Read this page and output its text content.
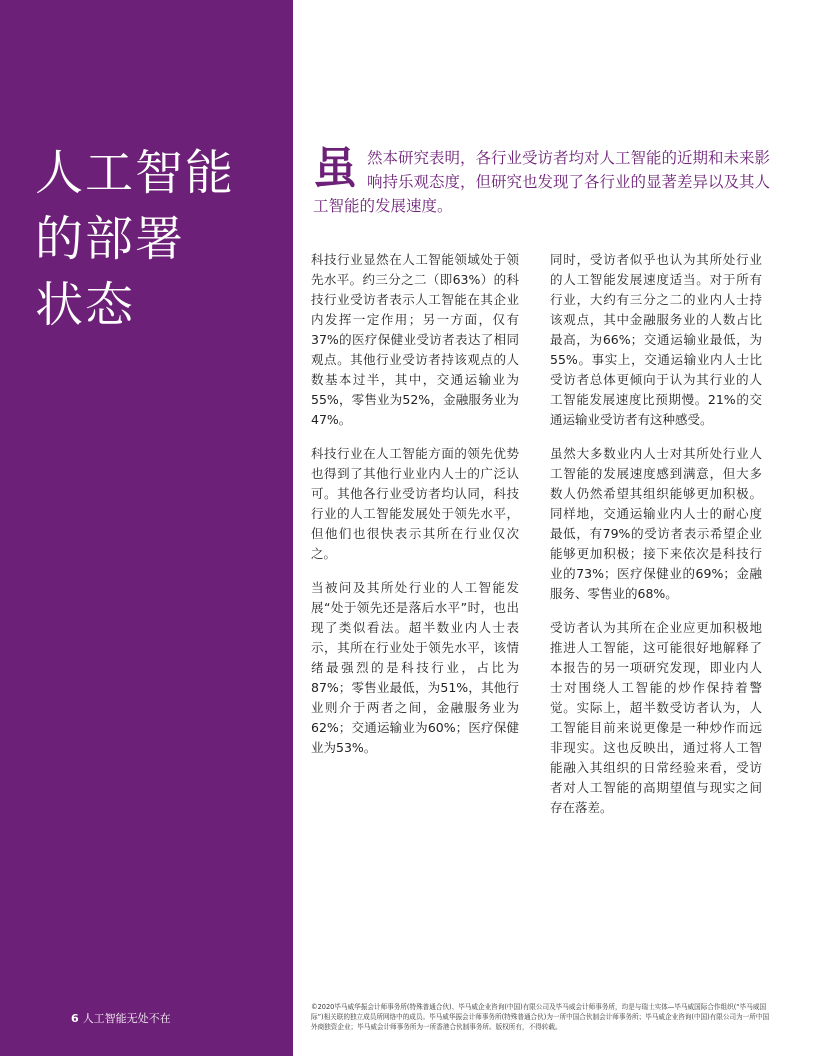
人工智能
的部署
状态
6 人工智能无处不在

虽然本研究表明，各行业受访者均对人工智能的近期和未来影响持乐观态度，但研究也发现了各行业的显著差异以及其人工智能的发展速度。

科技行业显然在人工智能领域处于领先水平。约三分之二（即63%）的科技行业受访者表示人工智能在其企业内发挥一定作用；另一方面，仅有37%的医疗保健业受访者表达了相同观点。其他行业受访者持该观点的人数基本过半，其中，交通运输业为55%，零售业为52%，金融服务业为47%。

科技行业在人工智能方面的领先优势也得到了其他行业业内人士的广泛认可。其他各行业受访者均认同，科技行业的人工智能发展处于领先水平，但他们也很快表示其所在行业仅次之。

当被问及其所处行业的人工智能发展“处于领先还是落后水平”时，也出现了类似看法。超半数业内人士表示，其所在行业处于领先水平，该情绪最强烈的是科技行业，占比为87%；零售业最低，为51%，其他行业则介于两者之间，金融服务业为62%；交通运输业为60%；医疗保健业为53%。

同时，受访者似乎也认为其所处行业的人工智能发展速度适当。对于所有行业，大约有三分之二的业内人士持该观点，其中金融服务业的人数占比最高，为66%；交通运输业最低，为55%。事实上，交通运输业内人士比受访者总体更倾向于认为其行业的人工智能发展速度比预期慢。21%的交通运输业受访者有这种感受。

虽然大多数业内人士对其所处行业人工智能的发展速度感到满意，但大多数人仍然希望其组织能够更加积极。同样地，交通运输业内人士的耐心度最低，有79%的受访者表示希望企业能够更加积极；接下来依次是科技行业的73%；医疗保健业的69%；金融服务、零售业的68%。

受访者认为其所在企业应更加积极地推进人工智能，这可能很好地解释了本报告的另一项研究发现，即业内人士对围绕人工智能的炒作保持着警觉。实际上，超半数受访者认为，人工智能目前来说更像是一种炒作而远非现实。这也反映出，通过将人工智能融入其组织的日常经验来看，受访者对人工智能的高期望值与现实之间存在落差。

©2020毕马威华振会计师事务所(特殊普通合伙)、毕马威企业咨询(中国)有限公司及毕马威会计师事务所，均是与瑞士实体—毕马威国际合作组织(“毕马威国际”)相关联的独立成员所网络中的成员。毕马威华振会计师事务所(特殊普通合伙)为一所中国合伙制会计师事务所；毕马威企业咨询(中国)有限公司为一所中国外商独资企业；毕马威会计师事务所为一所香港合伙制事务所。版权所有，不得转载。
